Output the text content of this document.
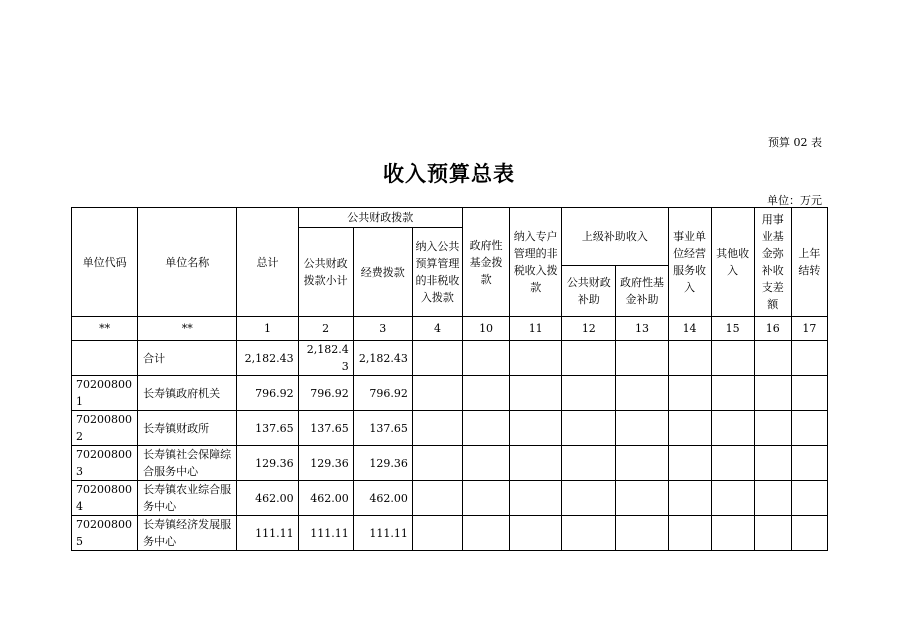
预算 02 表
收入预算总表
单位：万元
单位代码	单位名称	总计	公共财政拨款			政府性基金拨款	纳入专户管理的非税收入拨款	上级补助收入		事业单位经营服务收入	其他收入	用事业基金弥补收支差额	上年结转
			公共财政拨款小计	经费拨款	纳入公共预算管理的非税收入拨款								
								公共财政补助	政府性基金补助				
**	**	1	2	3	4	10	11	12	13	14	15	16	17
	合计	2,182.43	2,182.43	2,182.43									
702008001	长寿镇政府机关	796.92	796.92	796.92									
702008002	长寿镇财政所	137.65	137.65	137.65									
702008003	长寿镇社会保障综合服务中心	129.36	129.36	129.36									
702008004	长寿镇农业综合服务中心	462.00	462.00	462.00									
702008005	长寿镇经济发展服务中心	111.11	111.11	111.11									
